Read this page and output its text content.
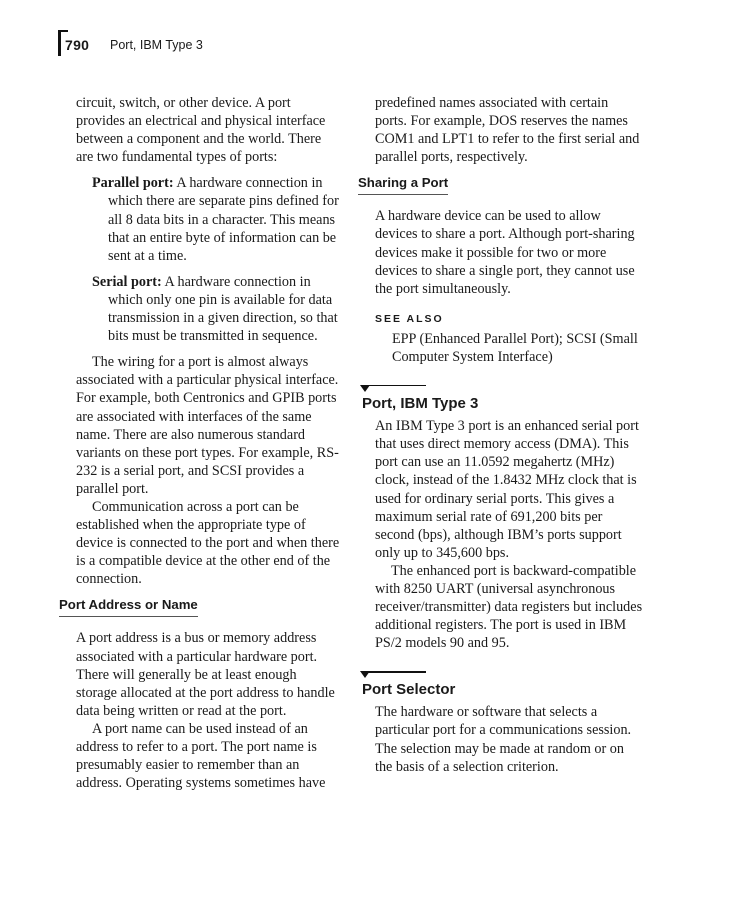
790 Port, IBM Type 3

circuit, switch, or other device. A port provides an electrical and physical interface between a component and the world. There are two fundamental types of ports:

Parallel port: A hardware connection in which there are separate pins defined for all 8 data bits in a character. This means that an entire byte of information can be sent at a time.

Serial port: A hardware connection in which only one pin is available for data transmission in a given direction, so that bits must be transmitted in sequence.

The wiring for a port is almost always associated with a particular physical interface. For example, both Centronics and GPIB ports are associated with interfaces of the same name. There are also numerous standard variants on these port types. For example, RS-232 is a serial port, and SCSI provides a parallel port.

Communication across a port can be established when the appropriate type of device is connected to the port and when there is a compatible device at the other end of the connection.

Port Address or Name

A port address is a bus or memory address associated with a particular hardware port. There will generally be at least enough storage allocated at the port address to handle data being written or read at the port.

A port name can be used instead of an address to refer to a port. The port name is presumably easier to remember than an address. Operating systems sometimes have

predefined names associated with certain ports. For example, DOS reserves the names COM1 and LPT1 to refer to the first serial and parallel ports, respectively.

Sharing a Port

A hardware device can be used to allow devices to share a port. Although port-sharing devices make it possible for two or more devices to share a single port, they cannot use the port simultaneously.

SEE ALSO

EPP (Enhanced Parallel Port); SCSI (Small Computer System Interface)

Port, IBM Type 3

An IBM Type 3 port is an enhanced serial port that uses direct memory access (DMA). This port can use an 11.0592 megahertz (MHz) clock, instead of the 1.8432 MHz clock that is used for ordinary serial ports. This gives a maximum serial rate of 691,200 bits per second (bps), although IBM’s ports support only up to 345,600 bps.

The enhanced port is backward-compatible with 8250 UART (universal asynchronous receiver/transmitter) data registers but includes additional registers. The port is used in IBM PS/2 models 90 and 95.

Port Selector

The hardware or software that selects a particular port for a communications session. The selection may be made at random or on the basis of a selection criterion.
